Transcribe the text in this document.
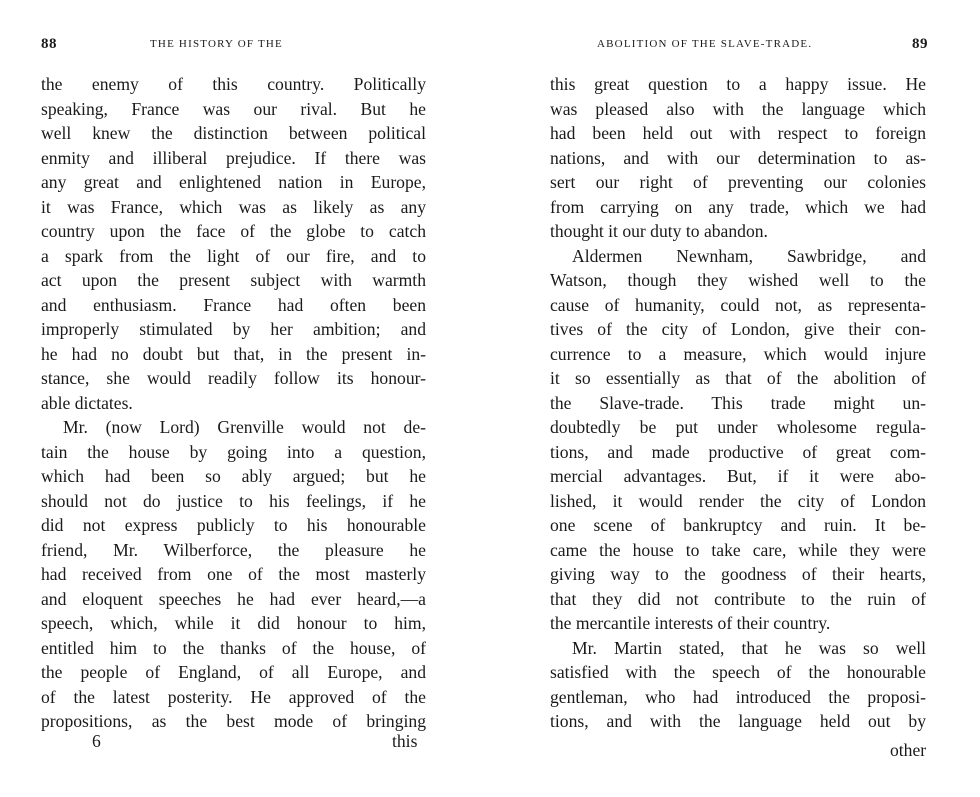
88	THE HISTORY OF THE
the enemy of this country. Politically
speaking, France was our rival. But he
well knew the distinction between political
enmity and illiberal prejudice. If there was
any great and enlightened nation in Europe,
it was France, which was as likely as any
country upon the face of the globe to catch
a spark from the light of our fire, and to
act upon the present subject with warmth
and enthusiasm. France had often been
improperly stimulated by her ambition; and
he had no doubt but that, in the present in-
stance, she would readily follow its honour-
able dictates.
Mr. (now Lord) Grenville would not de-
tain the house by going into a question,
which had been so ably argued; but he
should not do justice to his feelings, if he
did not express publicly to his honourable
friend, Mr. Wilberforce, the pleasure he
had received from one of the most masterly
and eloquent speeches he had ever heard,—a
speech, which, while it did honour to him,
entitled him to the thanks of the house, of
the people of England, of all Europe, and
of the latest posterity. He approved of the
propositions, as the best mode of bringing
6	this
ABOLITION OF THE SLAVE-TRADE.	89
this great question to a happy issue. He
was pleased also with the language which
had been held out with respect to foreign
nations, and with our determination to as-
sert our right of preventing our colonies
from carrying on any trade, which we had
thought it our duty to abandon.
Aldermen Newnham, Sawbridge, and
Watson, though they wished well to the
cause of humanity, could not, as representa-
tives of the city of London, give their con-
currence to a measure, which would injure
it so essentially as that of the abolition of
the Slave-trade. This trade might un-
doubtedly be put under wholesome regula-
tions, and made productive of great com-
mercial advantages. But, if it were abo-
lished, it would render the city of London
one scene of bankruptcy and ruin. It be-
came the house to take care, while they were
giving way to the goodness of their hearts,
that they did not contribute to the ruin of
the mercantile interests of their country.
Mr. Martin stated, that he was so well
satisfied with the speech of the honourable
gentleman, who had introduced the proposi-
tions, and with the language held out by
other
